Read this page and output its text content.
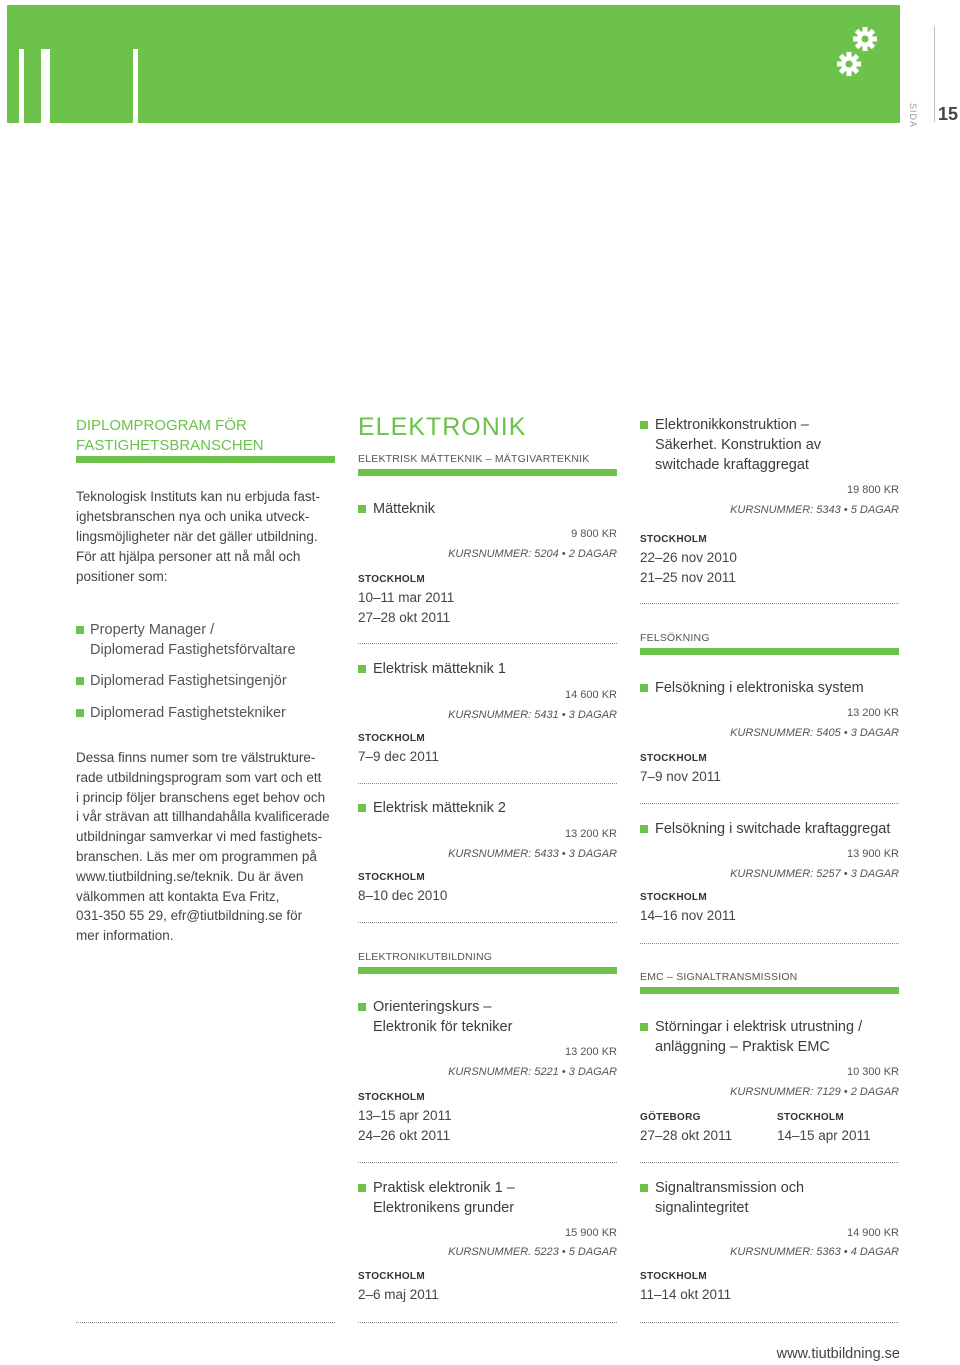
SIDA 15
DIPLOMPROGRAM FÖR
FASTIGHETSBRANSCHEN
Teknologisk Instituts kan nu erbjuda fast-
ighetsbranschen nya och unika utveck-
lingsmöjligheter när det gäller utbildning.
För att hjälpa personer att nå mål och
positioner som:
Property Manager /
Diplomerad Fastighetsförvaltare
Diplomerad Fastighetsingenjör
Diplomerad Fastighetstekniker
Dessa finns numer som tre välstrukture-
rade utbildningsprogram som vart och ett
i princip följer branschens eget behov och
i vår strävan att tillhandahålla kvalificerade
utbildningar samverkar vi med fastighets-
branschen. Läs mer om programmen på
www.tiutbildning.se/teknik. Du är även
välkommen att kontakta Eva Fritz,
031-350 55 29, efr@tiutbildning.se för
mer information.
ELEKTRONIK
ELEKTRISK MÄTTEKNIK – MÄTGIVARTEKNIK
Mätteknik
9 800 KR
KURSNUMMER: 5204 • 2 DAGAR
STOCKHOLM
10–11 mar 2011
27–28 okt 2011
Elektrisk mätteknik 1
14 600 KR
KURSNUMMER: 5431 • 3 DAGAR
STOCKHOLM
7–9 dec 2011
Elektrisk mätteknik 2
13 200 KR
KURSNUMMER: 5433 • 3 DAGAR
STOCKHOLM
8–10 dec 2010
ELEKTRONIKUTBILDNING
Orienteringskurs –
Elektronik för tekniker
13 200 KR
KURSNUMMER: 5221 • 3 DAGAR
STOCKHOLM
13–15 apr 2011
24–26 okt 2011
Praktisk elektronik 1 –
Elektronikens grunder
15 900 KR
KURSNUMMER. 5223 • 5 DAGAR
STOCKHOLM
2–6 maj 2011
Elektronikkonstruktion –
Säkerhet. Konstruktion av
switchade kraftaggregat
19 800 KR
KURSNUMMER: 5343 • 5 DAGAR
STOCKHOLM
22–26 nov 2010
21–25 nov 2011
FELSÖKNING
Felsökning i elektroniska system
13 200 KR
KURSNUMMER: 5405 • 3 DAGAR
STOCKHOLM
7–9 nov 2011
Felsökning i switchade kraftaggregat
13 900 KR
KURSNUMMER: 5257 • 3 DAGAR
STOCKHOLM
14–16 nov 2011
EMC – SIGNALTRANSMISSION
Störningar i elektrisk utrustning /
anläggning – Praktisk EMC
10 300 KR
KURSNUMMER: 7129 • 2 DAGAR
GÖTEBORG
27–28 okt 2011
STOCKHOLM
14–15 apr 2011
Signaltransmission och
signalintegritet
14 900 KR
KURSNUMMER: 5363 • 4 DAGAR
STOCKHOLM
11–14 okt 2011
www.tiutbildning.se
